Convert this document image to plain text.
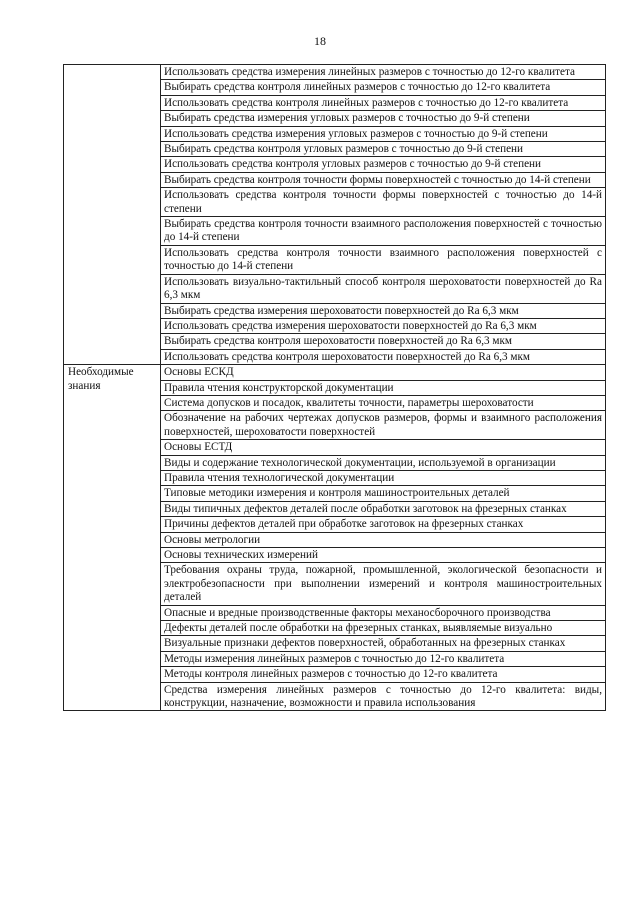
18
	Использовать средства измерения линейных размеров с точностью до 12-го квалитета
	Выбирать средства контроля линейных размеров с точностью до 12-го квалитета
	Использовать средства контроля линейных размеров с точностью до 12-го квалитета
	Выбирать средства измерения угловых размеров с точностью до 9-й степени
	Использовать средства измерения угловых размеров с точностью до 9-й степени
	Выбирать средства контроля угловых размеров с точностью до 9-й степени
	Использовать средства контроля угловых размеров с точностью до 9-й степени
	Выбирать средства контроля точности формы поверхностей с точностью до 14-й степени
	Использовать средства контроля точности формы поверхностей с точностью до 14-й степени
	Выбирать средства контроля точности взаимного расположения поверхностей с точностью до 14-й степени
	Использовать средства контроля точности взаимного расположения поверхностей с точностью до 14-й степени
	Использовать визуально-тактильный способ контроля шероховатости поверхностей до Ra 6,3 мкм
	Выбирать средства измерения шероховатости поверхностей до Ra 6,3 мкм
	Использовать средства измерения шероховатости поверхностей до Ra 6,3 мкм
	Выбирать средства контроля шероховатости поверхностей до Ra 6,3 мкм
	Использовать средства контроля шероховатости поверхностей до Ra 6,3 мкм
Необходимые знания	Основы ЕСКД
	Правила чтения конструкторской документации
	Система допусков и посадок, квалитеты точности, параметры шероховатости
	Обозначение на рабочих чертежах допусков размеров, формы и взаимного расположения поверхностей, шероховатости поверхностей
	Основы ЕСТД
	Виды и содержание технологической документации, используемой в организации
	Правила чтения технологической документации
	Типовые методики измерения и контроля машиностроительных деталей
	Виды типичных дефектов деталей после обработки заготовок на фрезерных станках
	Причины дефектов деталей при обработке заготовок на фрезерных станках
	Основы метрологии
	Основы технических измерений
	Требования охраны труда, пожарной, промышленной, экологической безопасности и электробезопасности при выполнении измерений и контроля машиностроительных деталей
	Опасные и вредные производственные факторы механосборочного производства
	Дефекты деталей после обработки на фрезерных станках, выявляемые визуально
	Визуальные признаки дефектов поверхностей, обработанных на фрезерных станках
	Методы измерения линейных размеров с точностью до 12-го квалитета
	Методы контроля линейных размеров с точностью до 12-го квалитета
	Средства измерения линейных размеров с точностью до 12-го квалитета: виды, конструкции, назначение, возможности и правила использования
